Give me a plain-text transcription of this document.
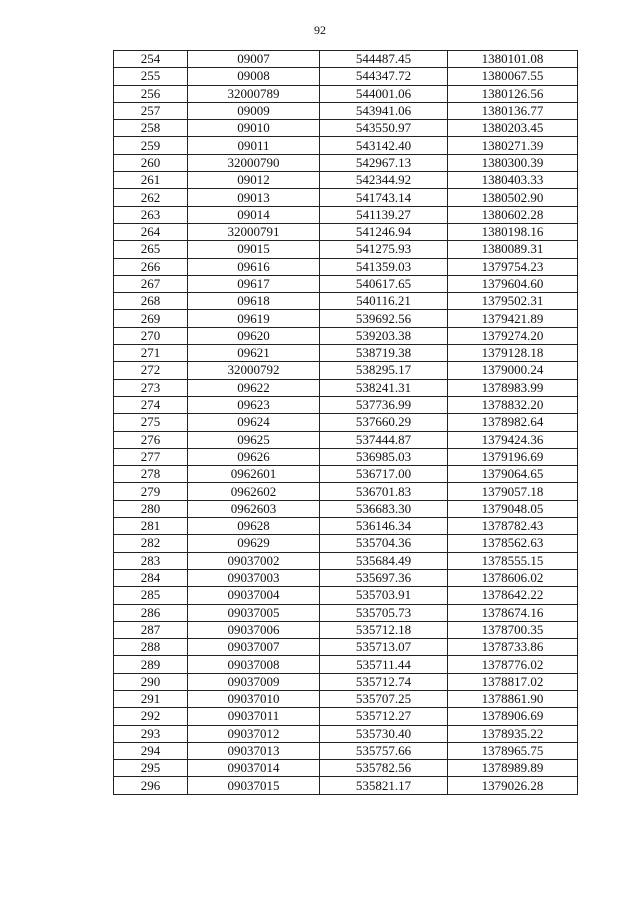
92
254	09007	544487.45	1380101.08
255	09008	544347.72	1380067.55
256	32000789	544001.06	1380126.56
257	09009	543941.06	1380136.77
258	09010	543550.97	1380203.45
259	09011	543142.40	1380271.39
260	32000790	542967.13	1380300.39
261	09012	542344.92	1380403.33
262	09013	541743.14	1380502.90
263	09014	541139.27	1380602.28
264	32000791	541246.94	1380198.16
265	09015	541275.93	1380089.31
266	09616	541359.03	1379754.23
267	09617	540617.65	1379604.60
268	09618	540116.21	1379502.31
269	09619	539692.56	1379421.89
270	09620	539203.38	1379274.20
271	09621	538719.38	1379128.18
272	32000792	538295.17	1379000.24
273	09622	538241.31	1378983.99
274	09623	537736.99	1378832.20
275	09624	537660.29	1378982.64
276	09625	537444.87	1379424.36
277	09626	536985.03	1379196.69
278	0962601	536717.00	1379064.65
279	0962602	536701.83	1379057.18
280	0962603	536683.30	1379048.05
281	09628	536146.34	1378782.43
282	09629	535704.36	1378562.63
283	09037002	535684.49	1378555.15
284	09037003	535697.36	1378606.02
285	09037004	535703.91	1378642.22
286	09037005	535705.73	1378674.16
287	09037006	535712.18	1378700.35
288	09037007	535713.07	1378733.86
289	09037008	535711.44	1378776.02
290	09037009	535712.74	1378817.02
291	09037010	535707.25	1378861.90
292	09037011	535712.27	1378906.69
293	09037012	535730.40	1378935.22
294	09037013	535757.66	1378965.75
295	09037014	535782.56	1378989.89
296	09037015	535821.17	1379026.28
